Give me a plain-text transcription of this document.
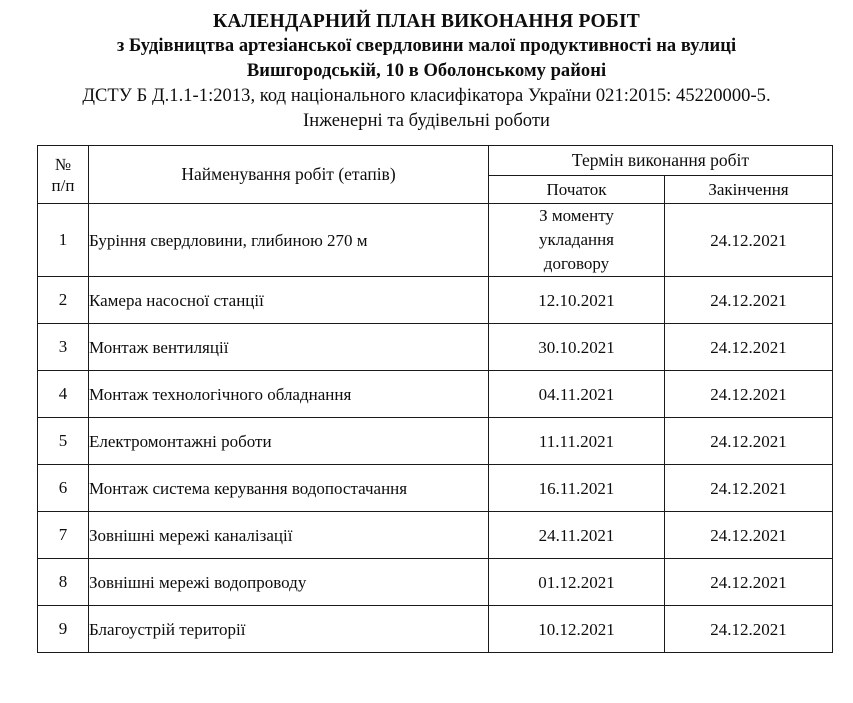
КАЛЕНДАРНИЙ ПЛАН ВИКОНАННЯ РОБІТ
з Будівництва артезіанської свердловини малої продуктивності на вулиці
Вишгородській, 10 в Оболонському районі
ДСТУ Б Д.1.1-1:2013, код національного класифікатора України 021:2015: 45220000-5.
Інженерні та будівельні роботи
№
п/п	Найменування робіт (етапів)	Термін виконання робіт	
		Початок	Закінчення
1	Буріння свердловини, глибиною 270 м	З моменту
укладання
договору	24.12.2021
2	Камера насосної станції	12.10.2021	24.12.2021
3	Монтаж вентиляції	30.10.2021	24.12.2021
4	Монтаж технологічного обладнання	04.11.2021	24.12.2021
5	Електромонтажні роботи	11.11.2021	24.12.2021
6	Монтаж система керування водопостачання	16.11.2021	24.12.2021
7	Зовнішні мережі каналізації	24.11.2021	24.12.2021
8	Зовнішні мережі водопроводу	01.12.2021	24.12.2021
9	Благоустрій території	10.12.2021	24.12.2021
